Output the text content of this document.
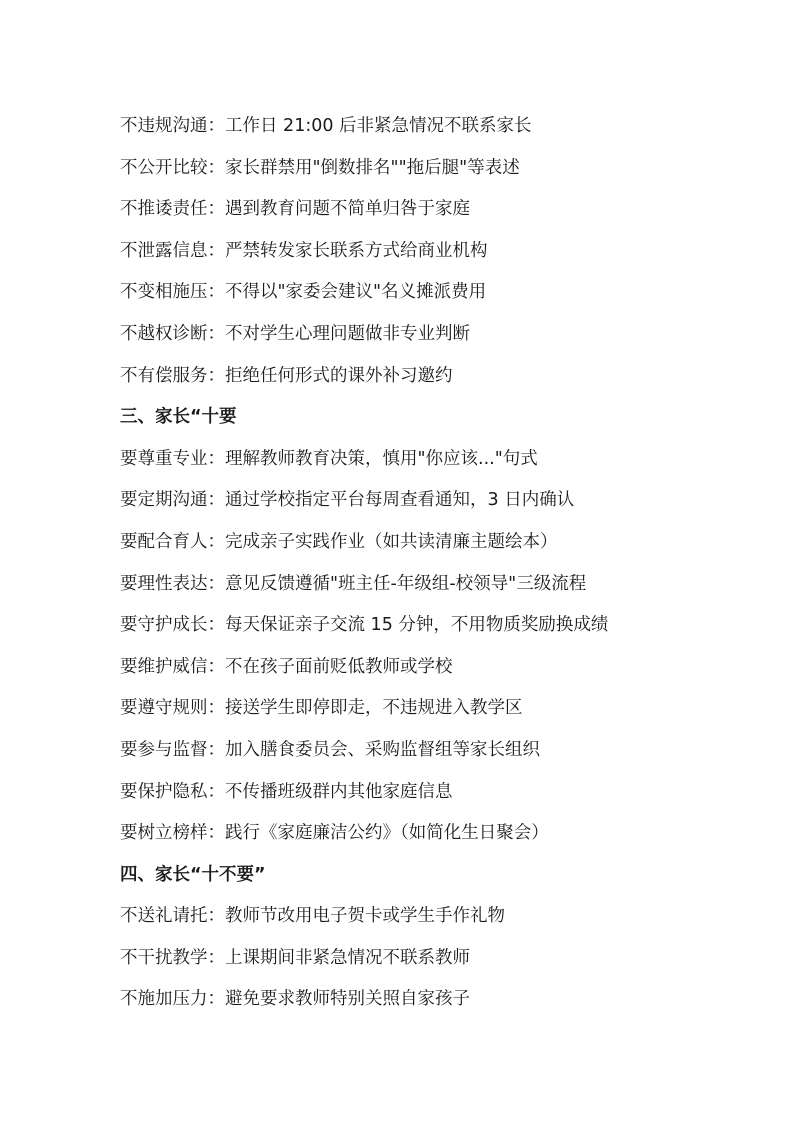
不违规沟通：工作日 21:00 后非紧急情况不联系家长
不公开比较：家长群禁用"倒数排名""拖后腿"等表述
不推诿责任：遇到教育问题不简单归咎于家庭
不泄露信息：严禁转发家长联系方式给商业机构
不变相施压：不得以"家委会建议"名义摊派费用
不越权诊断：不对学生心理问题做非专业判断
不有偿服务：拒绝任何形式的课外补习邀约
三、家长“十要
要尊重专业：理解教师教育决策，慎用"你应该..."句式
要定期沟通：通过学校指定平台每周查看通知，3 日内确认
要配合育人：完成亲子实践作业（如共读清廉主题绘本）
要理性表达：意见反馈遵循"班主任-年级组-校领导"三级流程
要守护成长：每天保证亲子交流 15 分钟，不用物质奖励换成绩
要维护威信：不在孩子面前贬低教师或学校
要遵守规则：接送学生即停即走，不违规进入教学区
要参与监督：加入膳食委员会、采购监督组等家长组织
要保护隐私：不传播班级群内其他家庭信息
要树立榜样：践行《家庭廉洁公约》（如简化生日聚会）
四、家长“十不要”
不送礼请托：教师节改用电子贺卡或学生手作礼物
不干扰教学：上课期间非紧急情况不联系教师
不施加压力：避免要求教师特别关照自家孩子
